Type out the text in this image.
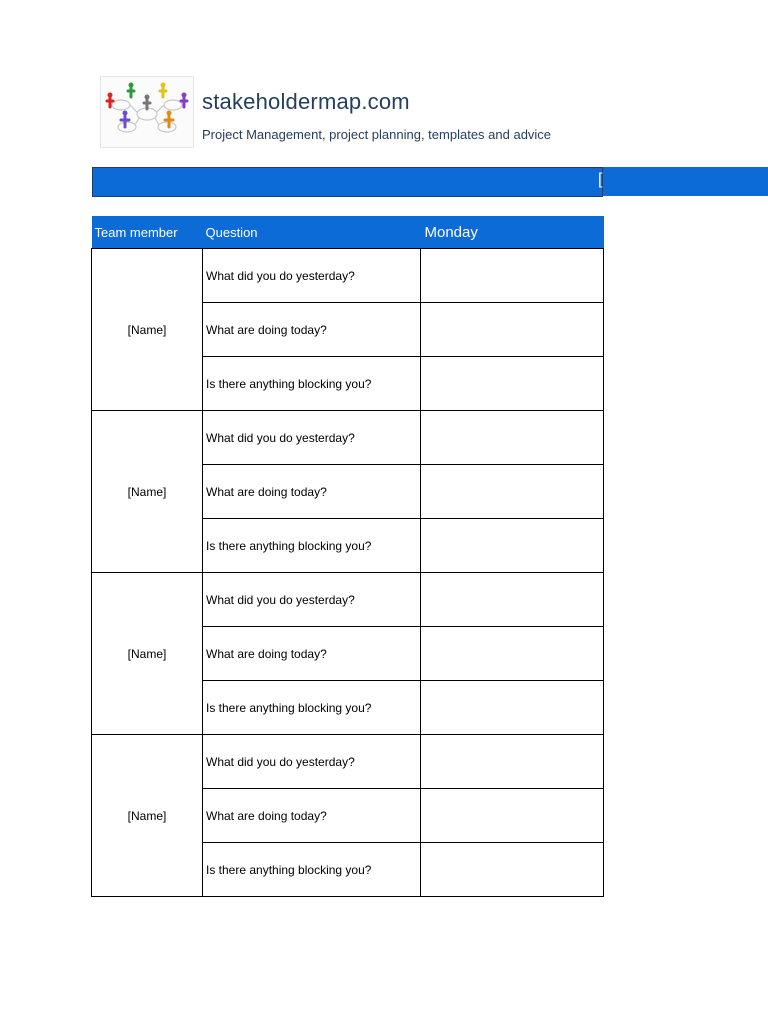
stakeholdermap.com
Project Management, project planning, templates and advice
[
Team member	Question	Monday
[Name]	What did you do yesterday?	
	What are doing today?	
	Is there anything blocking you?	
[Name]	What did you do yesterday?	
	What are doing today?	
	Is there anything blocking you?	
[Name]	What did you do yesterday?	
	What are doing today?	
	Is there anything blocking you?	
[Name]	What did you do yesterday?	
	What are doing today?	
	Is there anything blocking you?	
